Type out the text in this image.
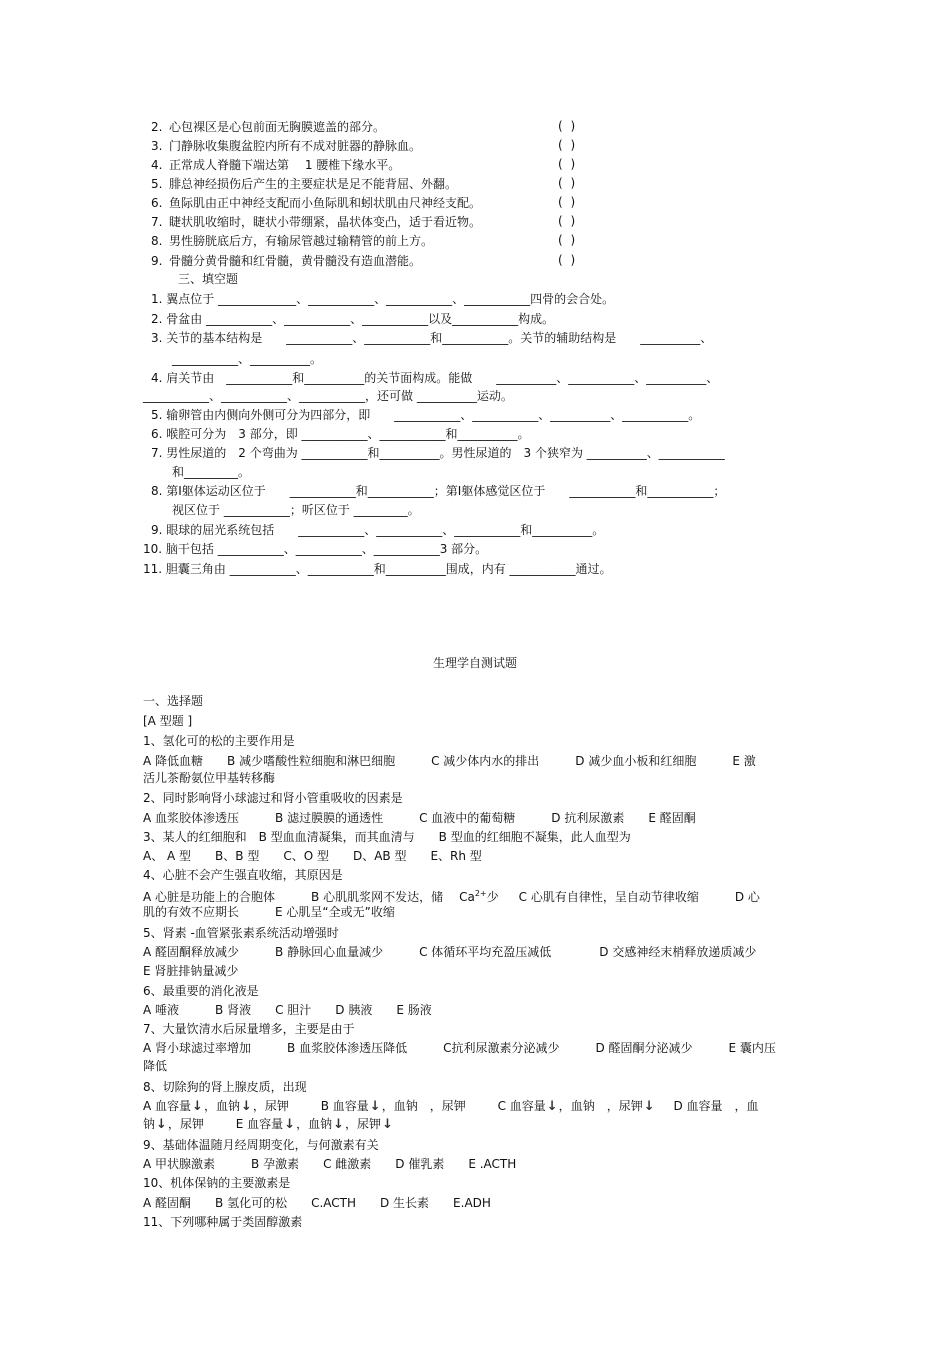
2. 心包裸区是心包前面无胸膜遮盖的部分。	( )
3. 门静脉收集腹盆腔内所有不成对脏器的静脉血。	( )
4. 正常成人脊髓下端达第　 1 腰椎下缘水平。	( )
5. 腓总神经损伤后产生的主要症状是足不能背屈、外翻。	( )
6. 鱼际肌由正中神经支配而小鱼际肌和蚓状肌由尺神经支配。	( )
7. 睫状肌收缩时，睫状小带绷紧，晶状体变凸，适于看近物。	( )
8. 男性膀胱底后方，有输尿管越过输精管的前上方。	( )
9. 骨髓分黄骨髓和红骨髓，黄骨髓没有造血潜能。	( )
三、填空题
1. 翼点位于 _____________、___________、___________、___________四骨的会合处。
2. 骨盆由 ___________、___________、___________以及___________构成。
3. 关节的基本结构是　　___________、___________和___________。关节的辅助结构是　　__________、
___________、__________。
4. 肩关节由　___________和__________的关节面构成。能做　　__________、___________、__________、
___________、___________、___________，还可做 __________运动。
5. 输卵管由内侧向外侧可分为四部分，即　　___________、___________、__________、___________。
6. 喉腔可分为　3 部分，即 ___________、___________和__________。
7. 男性尿道的　2 个弯曲为 ___________和__________。男性尿道的　3 个狭窄为 __________、___________
和_________。
8. 第Ⅰ躯体运动区位于　　___________和___________；第Ⅰ躯体感觉区位于　　___________和___________；
视区位于 ___________；听区位于 _________。
9. 眼球的屈光系统包括　　___________、___________、___________和__________。
10. 脑干包括 ___________、___________、___________3 部分。
11. 胆囊三角由 ___________、___________和__________围成，内有 ___________通过。
生理学自测试题
一、选择题
[A 型题 ]
1、氢化可的松的主要作用是
A 降低血糖　　B 减少嗜酸性粒细胞和淋巴细胞　　　C 减少体内水的排出　　　D 减少血小板和红细胞　　　E 激
活儿茶酚氨位甲基转移酶
2、同时影响肾小球滤过和肾小管重吸收的因素是
A 血浆胶体渗透压　　　B 滤过膜膜的通透性　　　C 血液中的葡萄糖　　　D 抗利尿激素　　E 醛固酮
3、某人的红细胞和　B 型血血清凝集，而其血清与　　B 型血的红细胞不凝集，此人血型为
A、 A 型　　B、B 型　　C、O 型　　D、AB 型　　E、Rh 型
4、心脏不会产生强直收缩，其原因是
A 心脏是功能上的合胞体　　　B 心肌肌浆网不发达，储 $Ca^{2+}$少 C 心肌有自律性，呈自动节律收缩　　　D 心
肌的有效不应期长　　　E 心肌呈“全或无”收缩
5、肾素 -血管紧张素系统活动增强时
A 醛固酮释放减少　　　B 静脉回心血量减少　　　C 体循环平均充盈压减低　　　　D 交感神经末梢释放递质减少
E 肾脏排钠量减少
6、最重要的消化液是
A 唾液　　　B 肾液　　C 胆汁　　D 胰液　　E 肠液
7、大量饮清水后尿量增多，主要是由于
A 肾小球滤过率增加　　　B 血浆胶体渗透压降低　　　C抗利尿激素分泌减少　　　D 醛固酮分泌减少　　　E 囊内压
降低
8、切除狗的肾上腺皮质，出现
A 血容量↓，血钠↓，尿钾	B 血容量↓，血钠　，尿钾	C 血容量↓，血钠　，尿钾↓ D 血容量　，血
钠↓，尿钾	E 血容量↓，血钠↓，尿钾↓
9、基础体温随月经周期变化，与何激素有关
A 甲状腺激素　　　B 孕激素　　C 雌激素　　D 催乳素　　E .ACTH
10、机体保钠的主要激素是
A 醛固酮　　B 氢化可的松　　C.ACTH　　D 生长素　　E.ADH
11、下列哪种属于类固醇激素
